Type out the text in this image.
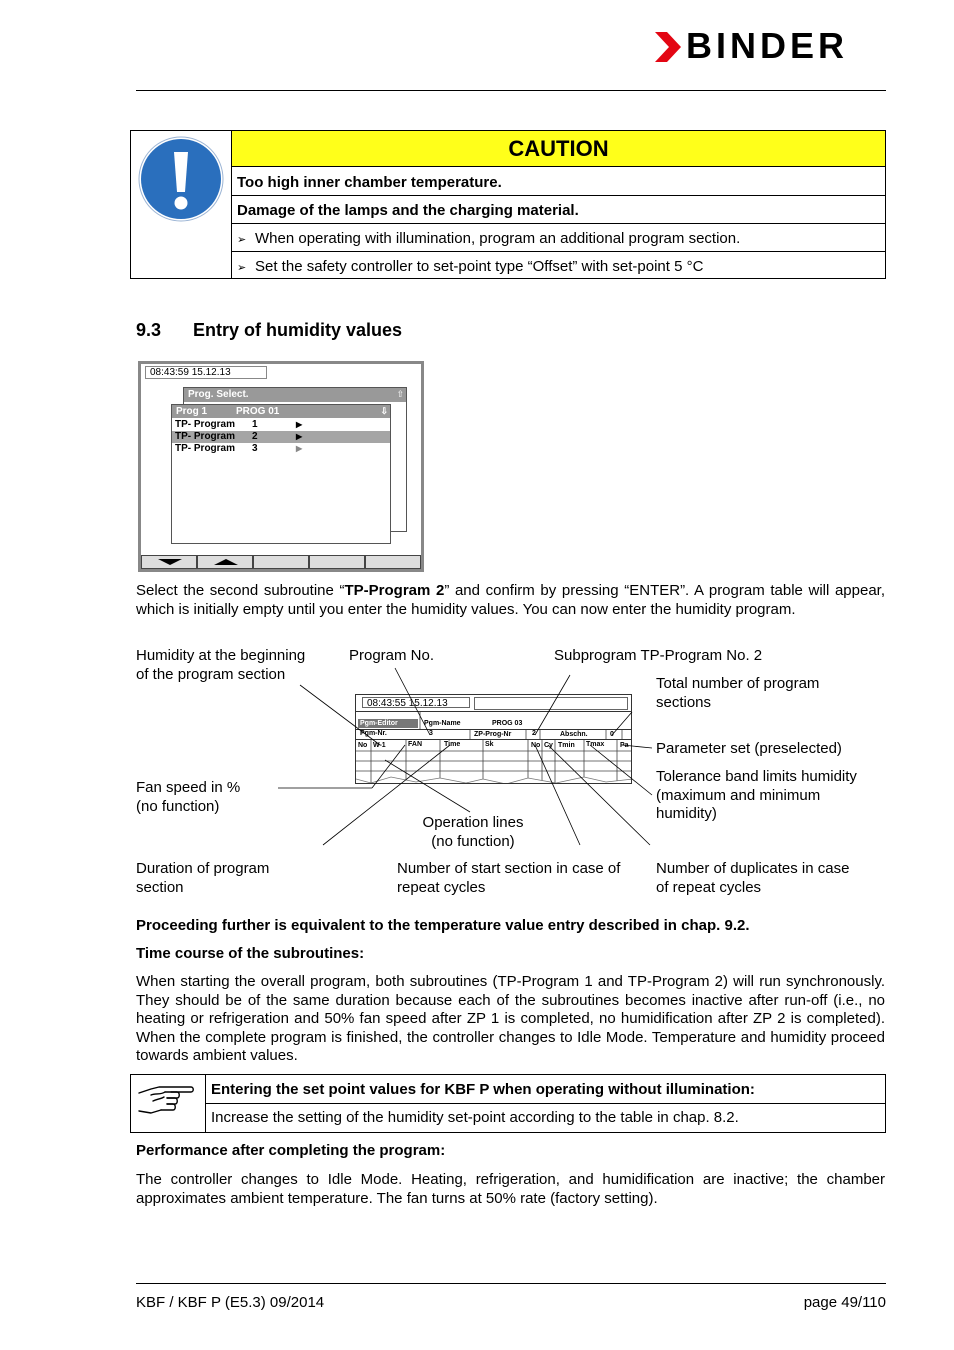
BINDER
CAUTION
Too high inner chamber temperature.
Damage of the lamps and the charging material.
➢ When operating with illumination, program an additional program section.
➢ Set the safety controller to set-point type “Offset” with set-point 5 °C
9.3 Entry of humidity values
08:43:59 15.12.13
Prog. Select.	⇧
Prog 1	PROG 01	⇩
TP- Program 1	▶
TP- Program 2	▶
TP- Program 3	▶
Select the second subroutine “TP-Program 2” and confirm by pressing “ENTER”. A program table will appear, which is initially empty until you enter the humidity values. You can now enter the humidity program.
Humidity at the beginning
of the program section
Program No.	Subprogram TP-Program No. 2
Total number of program
sections
Parameter set (preselected)
Tolerance band limits humidity
(maximum and minimum
humidity)
Fan speed in %
(no function)
Operation lines
(no function)
Duration of program
section
Number of start section in case of
repeat cycles
Number of duplicates in case
of repeat cycles
08:43:55 15.12.13
Pgm-Editor	Pgm-Name	PROG 03
Pgm-Nr.	3	ZP-Prog-Nr	2	Abschn.	0
No W-1	FAN	Time	Sk	No Cy Tmin Tmax Pa
Proceeding further is equivalent to the temperature value entry described in chap. 9.2.
Time course of the subroutines:
When starting the overall program, both subroutines (TP-Program 1 and TP-Program 2) will run synchronously. They should be of the same duration because each of the subroutines becomes inactive after run-off (i.e., no heating or refrigeration and 50% fan speed after ZP 1 is completed, no humidification after ZP 2 is completed). When the complete program is finished, the controller changes to Idle Mode. Temperature and humidity proceed towards ambient values.
Entering the set point values for KBF P when operating without illumination:
Increase the setting of the humidity set-point according to the table in chap. 8.2.
Performance after completing the program:
The controller changes to Idle Mode. Heating, refrigeration, and humidification are inactive; the chamber approximates ambient temperature. The fan turns at 50% rate (factory setting).
KBF / KBF P (E5.3) 09/2014	page 49/110
